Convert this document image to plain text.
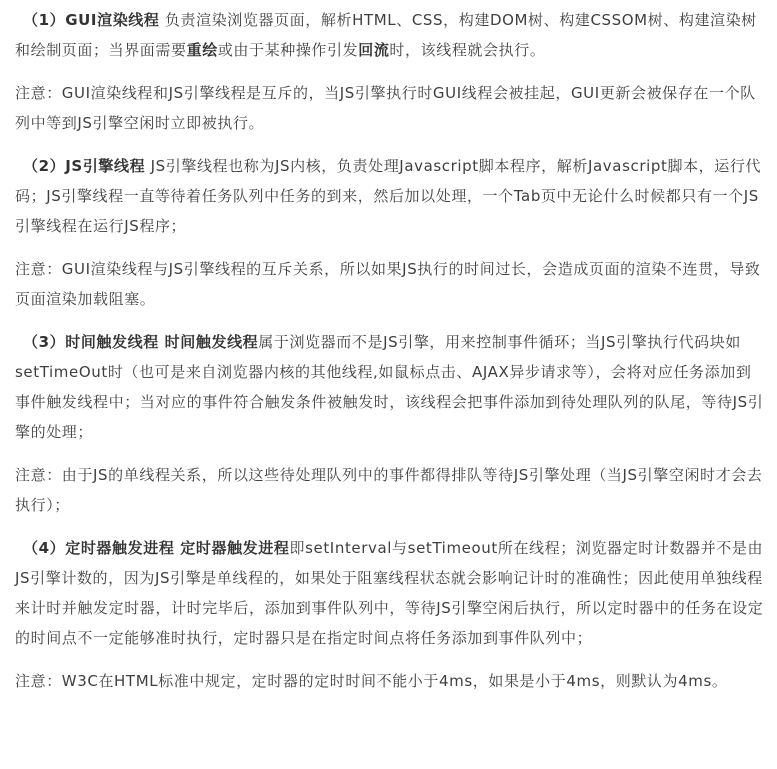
（1）GUI渲染线程 负责渲染浏览器页面，解析HTML、CSS，构建DOM树、构建CSSOM树、构建渲染树和绘制页面；当界面需要重绘或由于某种操作引发回流时，该线程就会执行。

注意：GUI渲染线程和JS引擎线程是互斥的，当JS引擎执行时GUI线程会被挂起，GUI更新会被保存在一个队列中等到JS引擎空闲时立即被执行。

（2）JS引擎线程 JS引擎线程也称为JS内核，负责处理Javascript脚本程序，解析Javascript脚本，运行代码；JS引擎线程一直等待着任务队列中任务的到来，然后加以处理，一个Tab页中无论什么时候都只有一个JS引擎线程在运行JS程序；

注意：GUI渲染线程与JS引擎线程的互斥关系，所以如果JS执行的时间过长，会造成页面的渲染不连贯，导致页面渲染加载阻塞。

（3）时间触发线程 时间触发线程属于浏览器而不是JS引擎，用来控制事件循环；当JS引擎执行代码块如setTimeOut时（也可是来自浏览器内核的其他线程,如鼠标点击、AJAX异步请求等），会将对应任务添加到事件触发线程中；当对应的事件符合触发条件被触发时，该线程会把事件添加到待处理队列的队尾，等待JS引擎的处理；

注意：由于JS的单线程关系，所以这些待处理队列中的事件都得排队等待JS引擎处理（当JS引擎空闲时才会去执行）；

（4）定时器触发进程 定时器触发进程即setInterval与setTimeout所在线程；浏览器定时计数器并不是由JS引擎计数的，因为JS引擎是单线程的，如果处于阻塞线程状态就会影响记计时的准确性；因此使用单独线程来计时并触发定时器，计时完毕后，添加到事件队列中，等待JS引擎空闲后执行，所以定时器中的任务在设定的时间点不一定能够准时执行，定时器只是在指定时间点将任务添加到事件队列中；

注意：W3C在HTML标准中规定，定时器的定时时间不能小于4ms，如果是小于4ms，则默认为4ms。
